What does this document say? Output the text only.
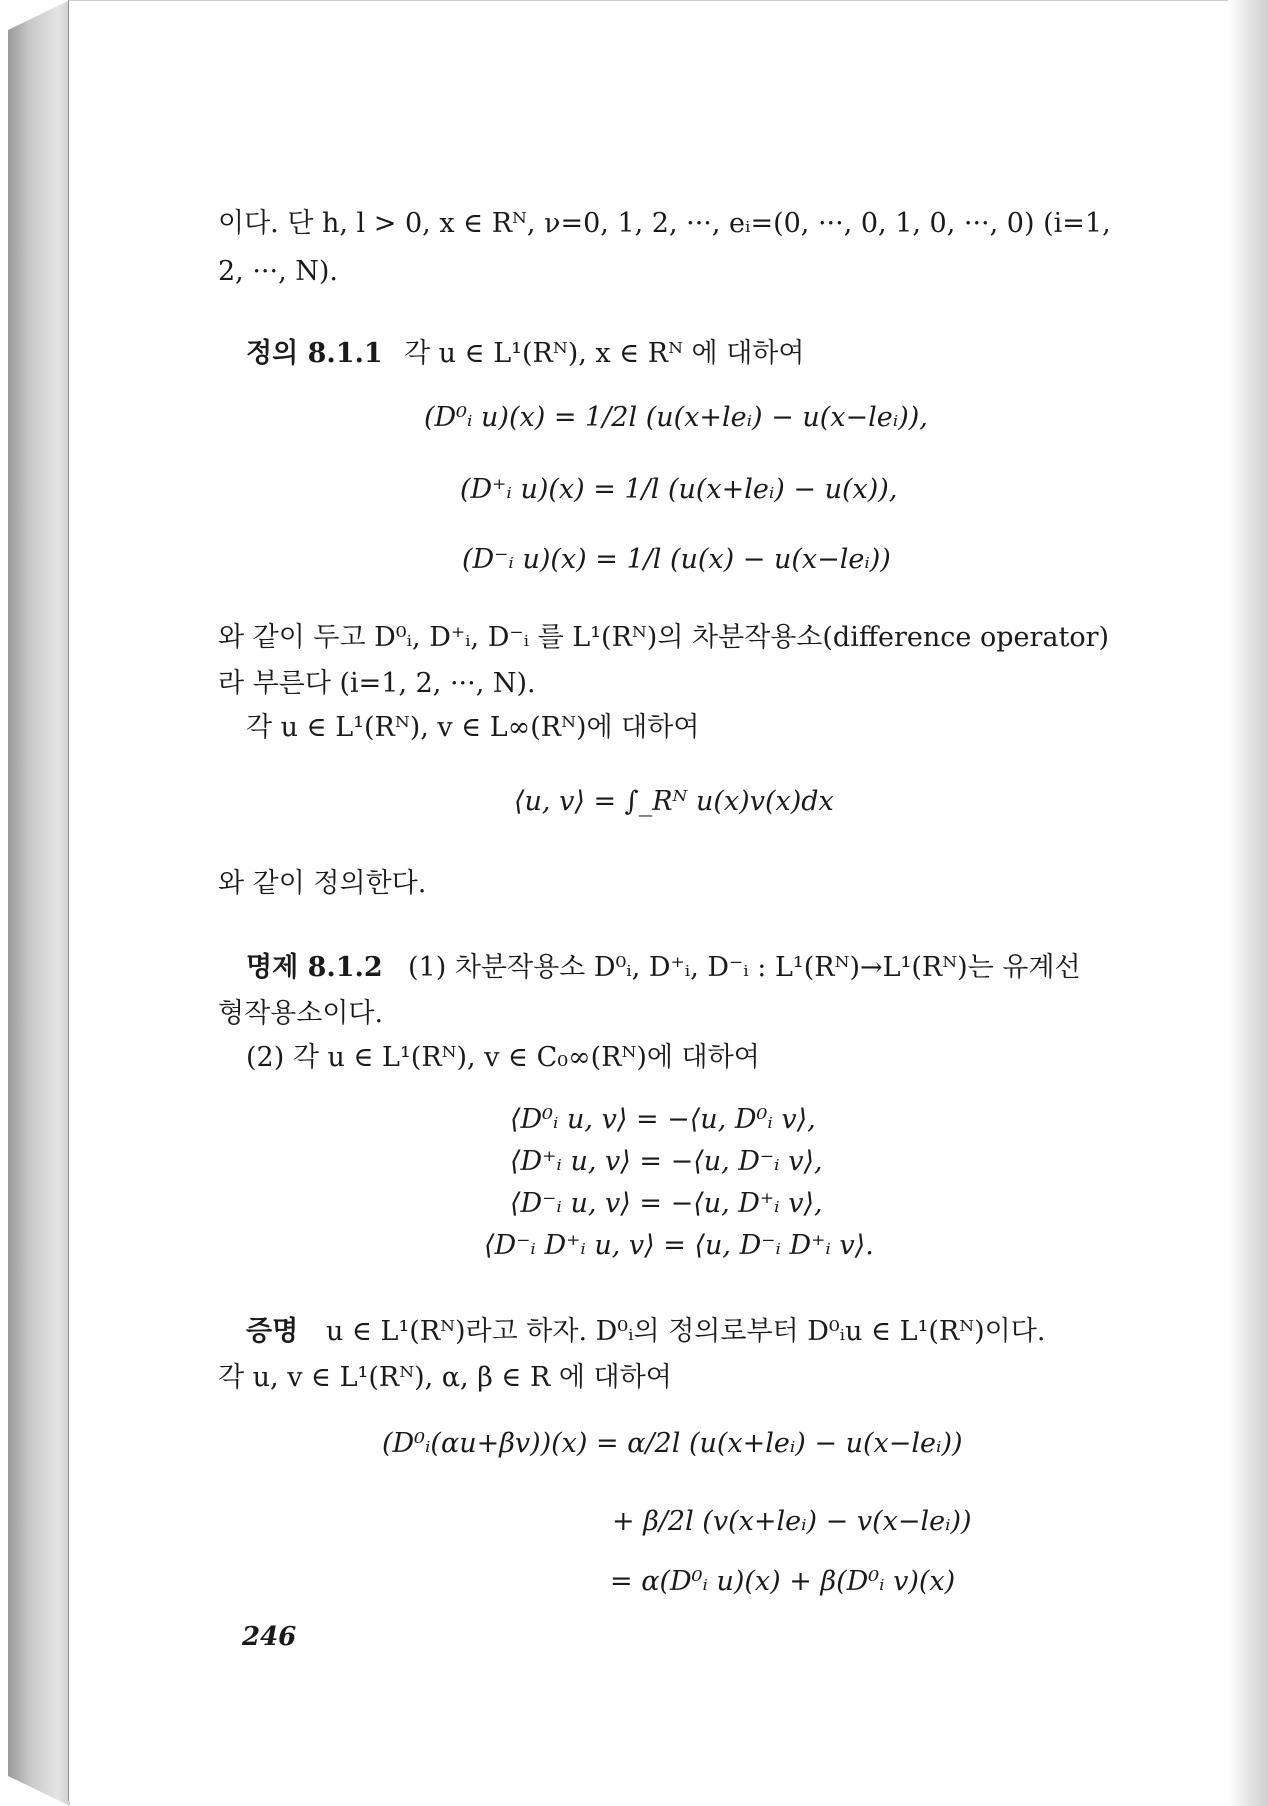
이다. 단 h, l > 0, x ∈ Rᴺ, ν=0, 1, 2, ···, eᵢ=(0, ···, 0, 1, 0, ···, 0) (i=1,
2, ···, N).
정의 8.1.1 각 u ∈ L¹(Rᴺ), x ∈ Rᴺ 에 대하여
(D⁰ᵢ u)(x) = 1/2l (u(x+leᵢ) − u(x−leᵢ)),
(D⁺ᵢ u)(x) = 1/l (u(x+leᵢ) − u(x)),
(D⁻ᵢ u)(x) = 1/l (u(x) − u(x−leᵢ))
와 같이 두고 D⁰ᵢ, D⁺ᵢ, D⁻ᵢ 를 L¹(Rᴺ)의 차분작용소(difference operator)
라 부른다 (i=1, 2, ···, N).
각 u ∈ L¹(Rᴺ), v ∈ L∞(Rᴺ)에 대하여
⟨u, v⟩ = ∫_Rᴺ u(x)v(x)dx
와 같이 정의한다.
명제 8.1.2 (1) 차분작용소 D⁰ᵢ, D⁺ᵢ, D⁻ᵢ : L¹(Rᴺ)→L¹(Rᴺ)는 유계선
형작용소이다.
(2) 각 u ∈ L¹(Rᴺ), v ∈ C₀∞(Rᴺ)에 대하여
⟨D⁰ᵢ u, v⟩ = −⟨u, D⁰ᵢ v⟩,
⟨D⁺ᵢ u, v⟩ = −⟨u, D⁻ᵢ v⟩,
⟨D⁻ᵢ u, v⟩ = −⟨u, D⁺ᵢ v⟩,
⟨D⁻ᵢ D⁺ᵢ u, v⟩ = ⟨u, D⁻ᵢ D⁺ᵢ v⟩.
증명 u ∈ L¹(Rᴺ)라고 하자. D⁰ᵢ의 정의로부터 D⁰ᵢu ∈ L¹(Rᴺ)이다.
각 u, v ∈ L¹(Rᴺ), α, β ∈ R 에 대하여
(D⁰ᵢ(αu+βv))(x) = α/2l (u(x+leᵢ) − u(x−leᵢ))
+ β/2l (v(x+leᵢ) − v(x−leᵢ))
= α(D⁰ᵢ u)(x) + β(D⁰ᵢ v)(x)
246
